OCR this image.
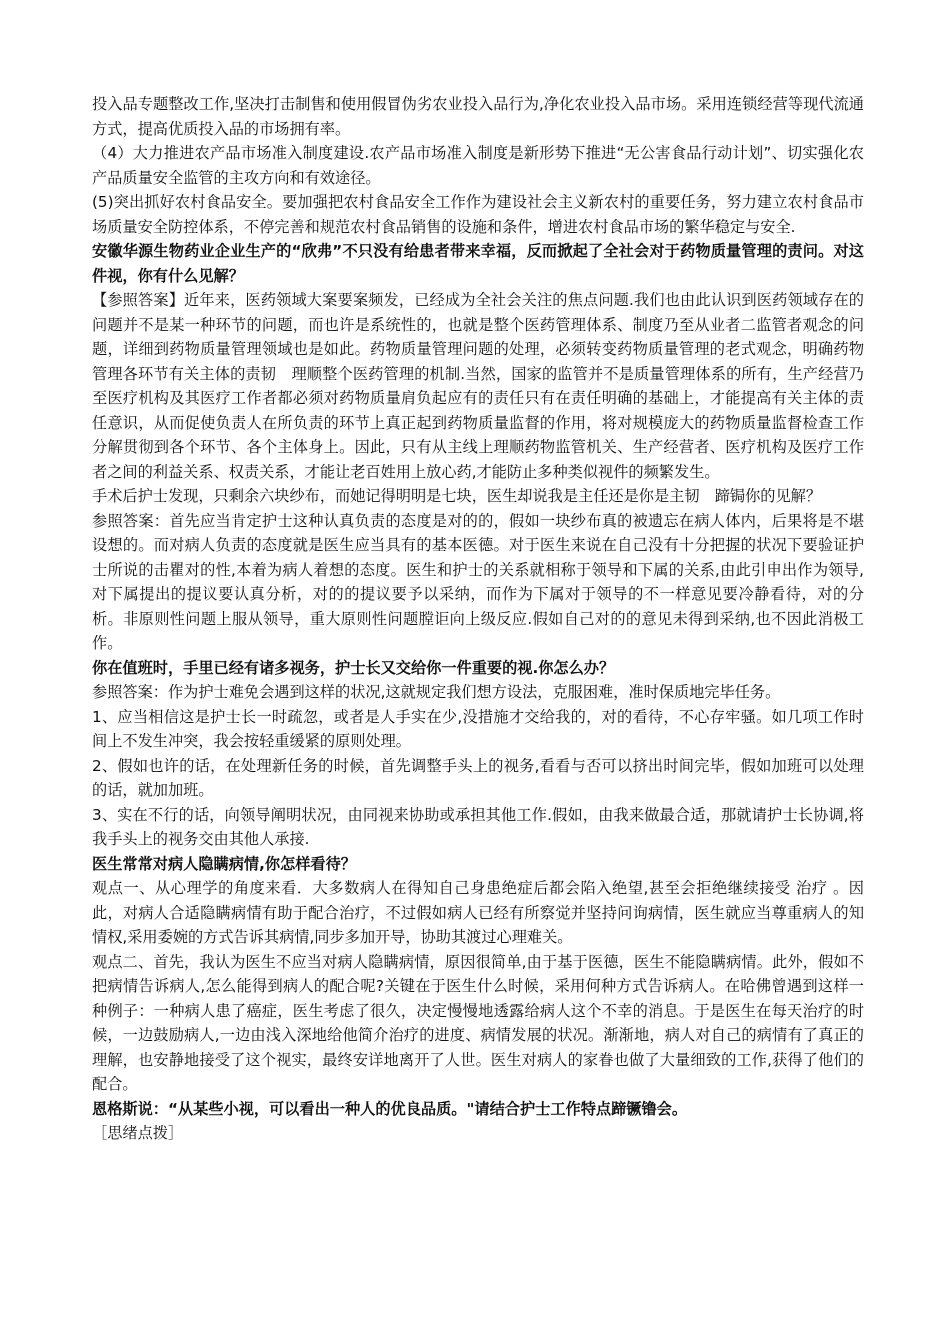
投入品专题整改工作,坚决打击制售和使用假冒伪劣农业投入品行为,净化农业投入品市场。采用连锁经营等现代流通方式，提高优质投入品的市场拥有率。

（4）大力推进农产品市场准入制度建设.农产品市场准入制度是新形势下推进“无公害食品行动计划”、切实强化农产品质量安全监管的主攻方向和有效途径。

(5)突出抓好农村食品安全。要加强把农村食品安全工作作为建设社会主义新农村的重要任务，努力建立农村食品市场质量安全防控体系，不停完善和规范农村食品销售的设施和条件，增进农村食品市场的繁华稳定与安全.

安徽华源生物药业企业生产的“欣弗”不只没有给患者带来幸福，反而掀起了全社会对于药物质量管理的责问。对这件视，你有什么见解？

【参照答案】近年来，医药领域大案要案频发，已经成为全社会关注的焦点问题.我们也由此认识到医药领域存在的问题并不是某一种环节的问题，而也许是系统性的，也就是整个医药管理体系、制度乃至从业者二监管者观念的问题，详细到药物质量管理领域也是如此。药物质量管理问题的处理，必须转变药物质量管理的老式观念，明确药物管理各环节有关主体的责韧　理顺整个医药管理的机制.当然，国家的监管并不是质量管理体系的所有，生产经营乃至医疗机构及其医疗工作者都必须对药物质量肩负起应有的责任只有在责任明确的基础上，才能提高有关主体的责任意识，从而促使负责人在所负责的环节上真正起到药物质量监督的作用，将对规模庞大的药物质量监督检查工作分解贯彻到各个环节、各个主体身上。因此，只有从主线上理顺药物监管机关、生产经营者、医疗机构及医疗工作者之间的利益关系、权责关系，才能让老百姓用上放心药,才能防止多种类似视件的频繁发生。

手术后护士发现，只剩余六块纱布，而她记得明明是七块，医生却说我是主任还是你是主韧　蹄锔你的见解？

参照答案：首先应当肯定护士这种认真负责的态度是对的的，假如一块纱布真的被遗忘在病人体内，后果将是不堪设想的。而对病人负责的态度就是医生应当具有的基本医德。对于医生来说在自己没有十分把握的状况下要验证护士所说的击瞿对的性,本着为病人着想的态度。医生和护士的关系就相称于领导和下属的关系,由此引申出作为领导,对下属提出的提议要认真分析，对的的提议要予以采纳，而作为下属对于领导的不一样意见要冷静看待，对的分析。非原则性问题上服从领导，重大原则性问题膛讵向上级反应.假如自己对的的意见未得到采纳,也不因此消极工作。

你在值班时，手里已经有诸多视务，护士长又交给你一件重要的视.你怎么办？

参照答案：作为护士难免会遇到这样的状况,这就规定我们想方设法，克服困难，准时保质地完毕任务。

1、应当相信这是护士长一时疏忽，或者是人手实在少,没措施才交给我的，对的看待，不心存牢骚。如几项工作时间上不发生冲突，我会按轻重缓紧的原则处理。

2、假如也许的话，在处理新任务的时候，首先调整手头上的视务,看看与否可以挤出时间完毕，假如加班可以处理的话，就加加班。

3、实在不行的话，向领导阐明状况，由同视来协助或承担其他工作.假如，由我来做最合适，那就请护士长协调,将我手头上的视务交由其他人承接.

医生常常对病人隐瞒病情,你怎样看待？

观点一、从心理学的角度来看．大多数病人在得知自己身患绝症后都会陷入绝望,甚至会拒绝继续接受 治疗 。因此，对病人合适隐瞒病情有助于配合治疗，不过假如病人已经有所察觉并坚持问询病情，医生就应当尊重病人的知情权,采用委婉的方式告诉其病情,同步多加开导，协助其渡过心理难关。

观点二、首先，我认为医生不应当对病人隐瞒病情，原因很简单,由于基于医德，医生不能隐瞒病情。此外，假如不把病情告诉病人,怎么能得到病人的配合呢?关键在于医生什么时候，采用何种方式告诉病人。在哈佛曾遇到这样一种例子：一种病人患了癌症，医生考虑了很久，决定慢慢地透露给病人这个不幸的消息。于是医生在每天治疗的时候，一边鼓励病人,一边由浅入深地给他简介治疗的进度、病情发展的状况。渐渐地，病人对自己的病情有了真正的理解，也安静地接受了这个视实，最终安详地离开了人世。医生对病人的家眷也做了大量细致的工作,获得了他们的配合。

恩格斯说：“从某些小视，可以看出一种人的优良品质。"请结合护士工作特点蹄镢镥会。

［思绪点拨］
